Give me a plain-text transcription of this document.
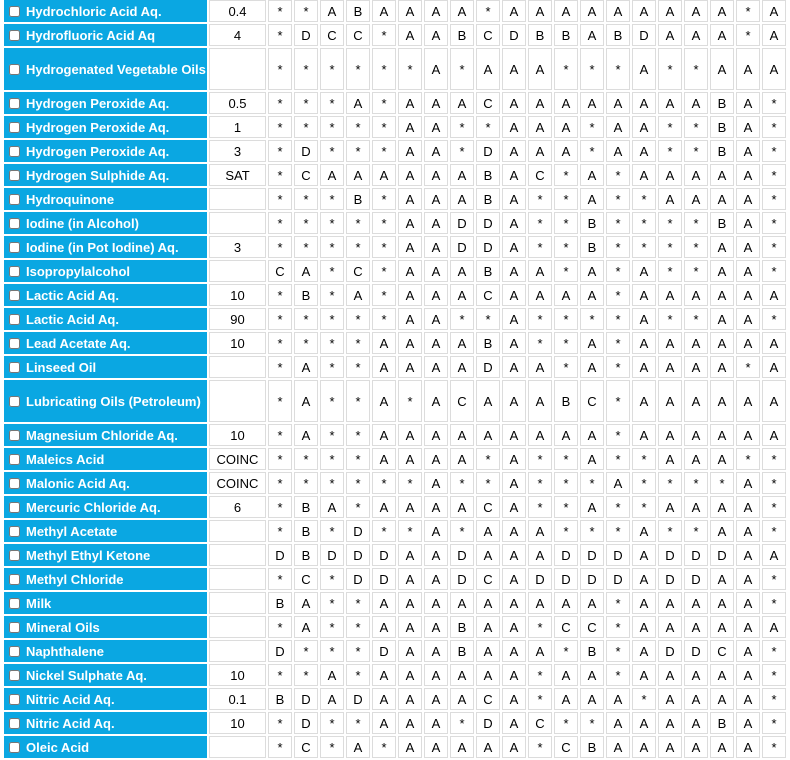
Hydrochloric Acid Aq.	0.4	*	*	A	B	A	A	A	A	*	A	A	A	A	A	A	A	A	A	*	A
Hydrofluoric Acid Aq	4	*	D	C	C	*	A	A	B	C	D	B	B	A	B	D	A	A	A	*	A
Hydrogenated Vegetable Oils		*	*	*	*	*	*	A	*	A	A	A	*	*	*	A	*	*	A	A	A
Hydrogen Peroxide Aq.	0.5	*	*	*	A	*	A	A	A	C	A	A	A	A	A	A	A	A	B	A	*
Hydrogen Peroxide Aq.	1	*	*	*	*	*	A	A	*	*	A	A	A	*	A	A	*	*	B	A	*
Hydrogen Peroxide Aq.	3	*	D	*	*	*	A	A	*	D	A	A	A	*	A	A	*	*	B	A	*
Hydrogen Sulphide Aq.	SAT	*	C	A	A	A	A	A	A	B	A	C	*	A	*	A	A	A	A	A	*
Hydroquinone		*	*	*	B	*	A	A	A	B	A	*	*	A	*	*	A	A	A	A	*
Iodine (in Alcohol)		*	*	*	*	*	A	A	D	D	A	*	*	B	*	*	*	*	B	A	*
Iodine (in Pot Iodine) Aq.	3	*	*	*	*	*	A	A	D	D	A	*	*	B	*	*	*	*	A	A	*
Isopropylalcohol		C	A	*	C	*	A	A	A	B	A	A	*	A	*	A	*	*	A	A	*
Lactic Acid Aq.	10	*	B	*	A	*	A	A	A	C	A	A	A	A	*	A	A	A	A	A	A
Lactic Acid Aq.	90	*	*	*	*	*	A	A	*	*	A	*	*	*	*	A	*	*	A	A	*
Lead Acetate Aq.	10	*	*	*	*	A	A	A	A	B	A	*	*	A	*	A	A	A	A	A	A
Linseed Oil		*	A	*	*	A	A	A	A	D	A	A	*	A	*	A	A	A	A	*	A
Lubricating Oils (Petroleum)		*	A	*	*	A	*	A	C	A	A	A	B	C	*	A	A	A	A	A	A
Magnesium Chloride Aq.	10	*	A	*	*	A	A	A	A	A	A	A	A	A	*	A	A	A	A	A	A
Maleics Acid	COINC	*	*	*	*	A	A	A	A	*	A	*	*	A	*	*	A	A	A	*	*
Malonic Acid Aq.	COINC	*	*	*	*	*	*	A	*	*	A	*	*	*	A	*	*	*	*	A	*
Mercuric Chloride Aq.	6	*	B	A	*	A	A	A	A	C	A	*	*	A	*	*	A	A	A	A	*
Methyl Acetate		*	B	*	D	*	*	A	*	A	A	A	*	*	*	A	*	*	A	A	*
Methyl Ethyl Ketone		D	B	D	D	D	A	A	D	A	A	A	D	D	D	A	D	D	D	A	A
Methyl Chloride		*	C	*	D	D	A	A	D	C	A	D	D	D	D	A	D	D	A	A	*
Milk		B	A	*	*	A	A	A	A	A	A	A	A	A	*	A	A	A	A	A	*
Mineral Oils		*	A	*	*	A	A	A	B	A	A	*	C	C	*	A	A	A	A	A	A
Naphthalene		D	*	*	*	D	A	A	B	A	A	A	*	B	*	A	D	D	C	A	*
Nickel Sulphate Aq.	10	*	*	A	*	A	A	A	A	A	A	*	A	A	*	A	A	A	A	A	*
Nitric Acid Aq.	0.1	B	D	A	D	A	A	A	A	C	A	*	A	A	A	*	A	A	A	A	*
Nitric Acid Aq.	10	*	D	*	*	A	A	A	*	D	A	C	*	*	A	A	A	A	B	A	*
Oleic Acid		*	C	*	A	*	A	A	A	A	A	*	C	B	A	A	A	A	A	A	*
